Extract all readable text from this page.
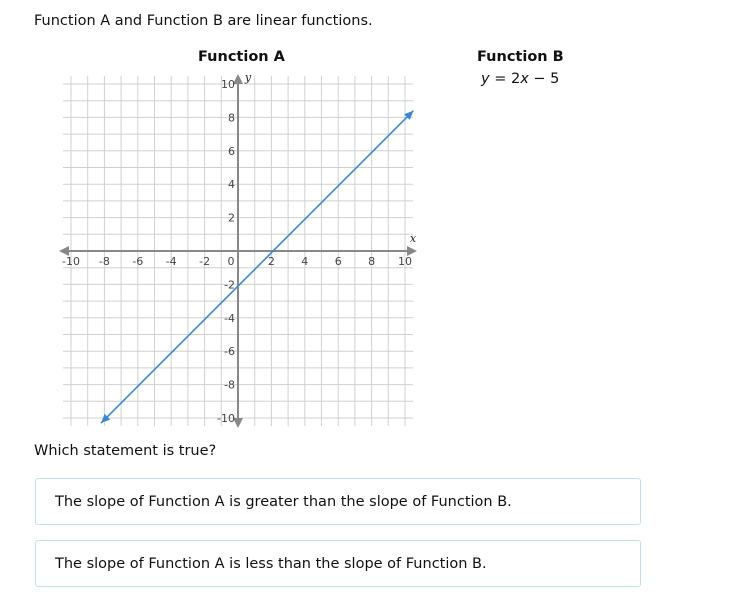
Function A and Function B are linear functions.
Function A	Function B
y = 2x − 5
-10 -8 -6 -4 -2 0	2 4 6 8 10
-10
-8
-6
-4
-2
2
4
6
8
10
x
y
Which statement is true?
The slope of Function A is greater than the slope of Function B.
The slope of Function A is less than the slope of Function B.
